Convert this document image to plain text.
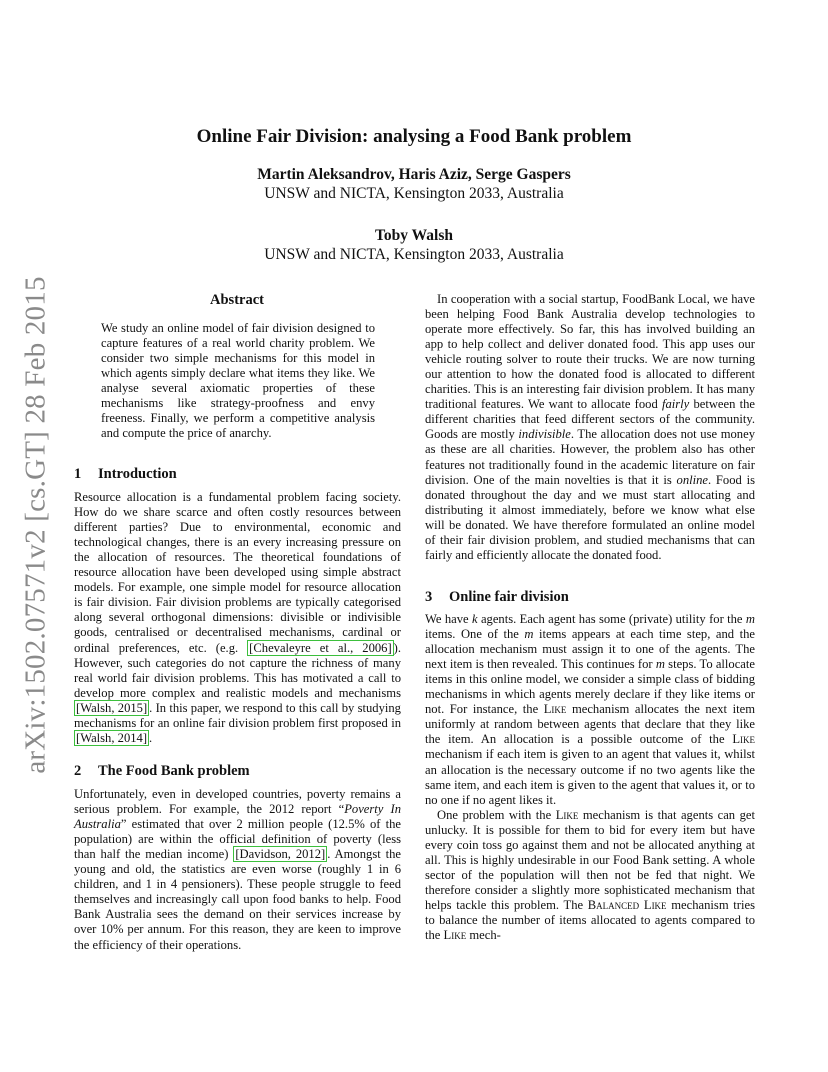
arXiv:1502.07571v2 [cs.GT] 28 Feb 2015
Online Fair Division: analysing a Food Bank problem
Martin Aleksandrov, Haris Aziz, Serge Gaspers
UNSW and NICTA, Kensington 2033, Australia
Toby Walsh
UNSW and NICTA, Kensington 2033, Australia
Abstract
We study an online model of fair division designed to capture features of a real world charity problem. We consider two simple mechanisms for this model in which agents simply declare what items they like. We analyse several axiomatic properties of these mechanisms like strategy-proofness and envy freeness. Finally, we perform a competitive analysis and compute the price of anarchy.
1 Introduction

Resource allocation is a fundamental problem facing society. How do we share scarce and often costly resources between different parties? Due to environmental, economic and technological changes, there is an every increasing pressure on the allocation of resources. The theoretical foundations of resource allocation have been developed using simple abstract models. For example, one simple model for resource allocation is fair division. Fair division problems are typically categorised along several orthogonal dimensions: divisible or indivisible goods, centralised or decentralised mechanisms, cardinal or ordinal preferences, etc. (e.g. [Chevaleyre et al., 2006] ). However, such categories do not capture the richness of many real world fair division problems. This has motivated a call to develop more complex and realistic models and mechanisms [Walsh, 2015] . In this paper, we respond to this call by studying mechanisms for an online fair division problem first proposed in [Walsh, 2014] .

2 The Food Bank problem

Unfortunately, even in developed countries, poverty remains a serious problem. For example, the 2012 report “Poverty In Australia” estimated that over 2 million people (12.5% of the population) are within the official definition of poverty (less than half the median income) [Davidson, 2012] . Amongst the young and old, the statistics are even worse (roughly 1 in 6 children, and 1 in 4 pensioners). These people struggle to feed themselves and increasingly call upon food banks to help. Food Bank Australia sees the demand on their services increase by over 10% per annum. For this reason, they are keen to improve the efficiency of their operations.

In cooperation with a social startup, FoodBank Local, we have been helping Food Bank Australia develop technologies to operate more effectively. So far, this has involved building an app to help collect and deliver donated food. This app uses our vehicle routing solver to route their trucks. We are now turning our attention to how the donated food is allocated to different charities. This is an interesting fair division problem. It has many traditional features. We want to allocate food fairly between the different charities that feed different sectors of the community. Goods are mostly indivisible. The allocation does not use money as these are all charities. However, the problem also has other features not traditionally found in the academic literature on fair division. One of the main novelties is that it is online. Food is donated throughout the day and we must start allocating and distributing it almost immediately, before we know what else will be donated. We have therefore formulated an online model of their fair division problem, and studied mechanisms that can fairly and efficiently allocate the donated food.

3 Online fair division

We have k agents. Each agent has some (private) utility for the m items. One of the m items appears at each time step, and the allocation mechanism must assign it to one of the agents. The next item is then revealed. This continues for m steps. To allocate items in this online model, we consider a simple class of bidding mechanisms in which agents merely declare if they like items or not. For instance, the Like mechanism allocates the next item uniformly at random between agents that declare that they like the item. An allocation is a possible outcome of the Like mechanism if each item is given to an agent that values it, whilst an allocation is the necessary outcome if no two agents like the same item, and each item is given to the agent that values it, or to no one if no agent likes it.

One problem with the Like mechanism is that agents can get unlucky. It is possible for them to bid for every item but have every coin toss go against them and not be allocated anything at all. This is highly undesirable in our Food Bank setting. A whole sector of the population will then not be fed that night. We therefore consider a slightly more sophisticated mechanism that helps tackle this problem. The Balanced Like mechanism tries to balance the number of items allocated to agents compared to the Like mech-
